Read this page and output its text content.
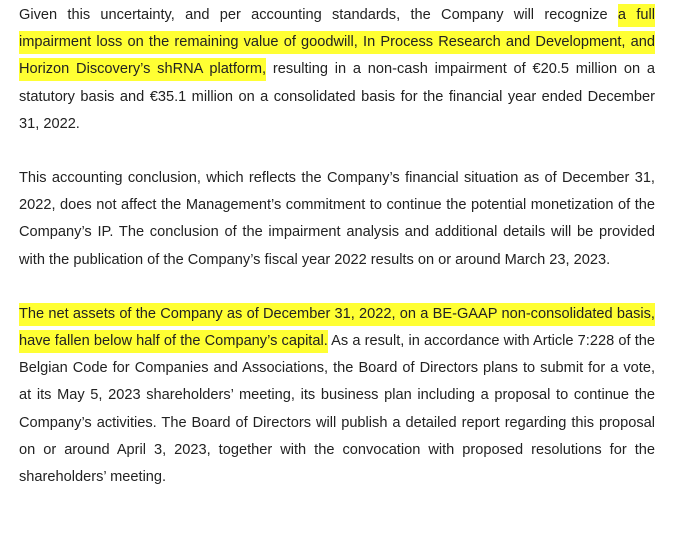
Given this uncertainty, and per accounting standards, the Company will recognize a full impairment loss on the remaining value of goodwill, In Process Research and Development, and Horizon Discovery’s shRNA platform, resulting in a non-cash impairment of €20.5 million on a statutory basis and €35.1 million on a consolidated basis for the financial year ended December 31, 2022.

This accounting conclusion, which reflects the Company’s financial situation as of December 31, 2022, does not affect the Management’s commitment to continue the potential monetization of the Company’s IP. The conclusion of the impairment analysis and additional details will be provided with the publication of the Company’s fiscal year 2022 results on or around March 23, 2023.

The net assets of the Company as of December 31, 2022, on a BE-GAAP non-consolidated basis, have fallen below half of the Company’s capital. As a result, in accordance with Article 7:228 of the Belgian Code for Companies and Associations, the Board of Directors plans to submit for a vote, at its May 5, 2023 shareholders’ meeting, its business plan including a proposal to continue the Company’s activities. The Board of Directors will publish a detailed report regarding this proposal on or around April 3, 2023, together with the convocation with proposed resolutions for the shareholders’ meeting.
